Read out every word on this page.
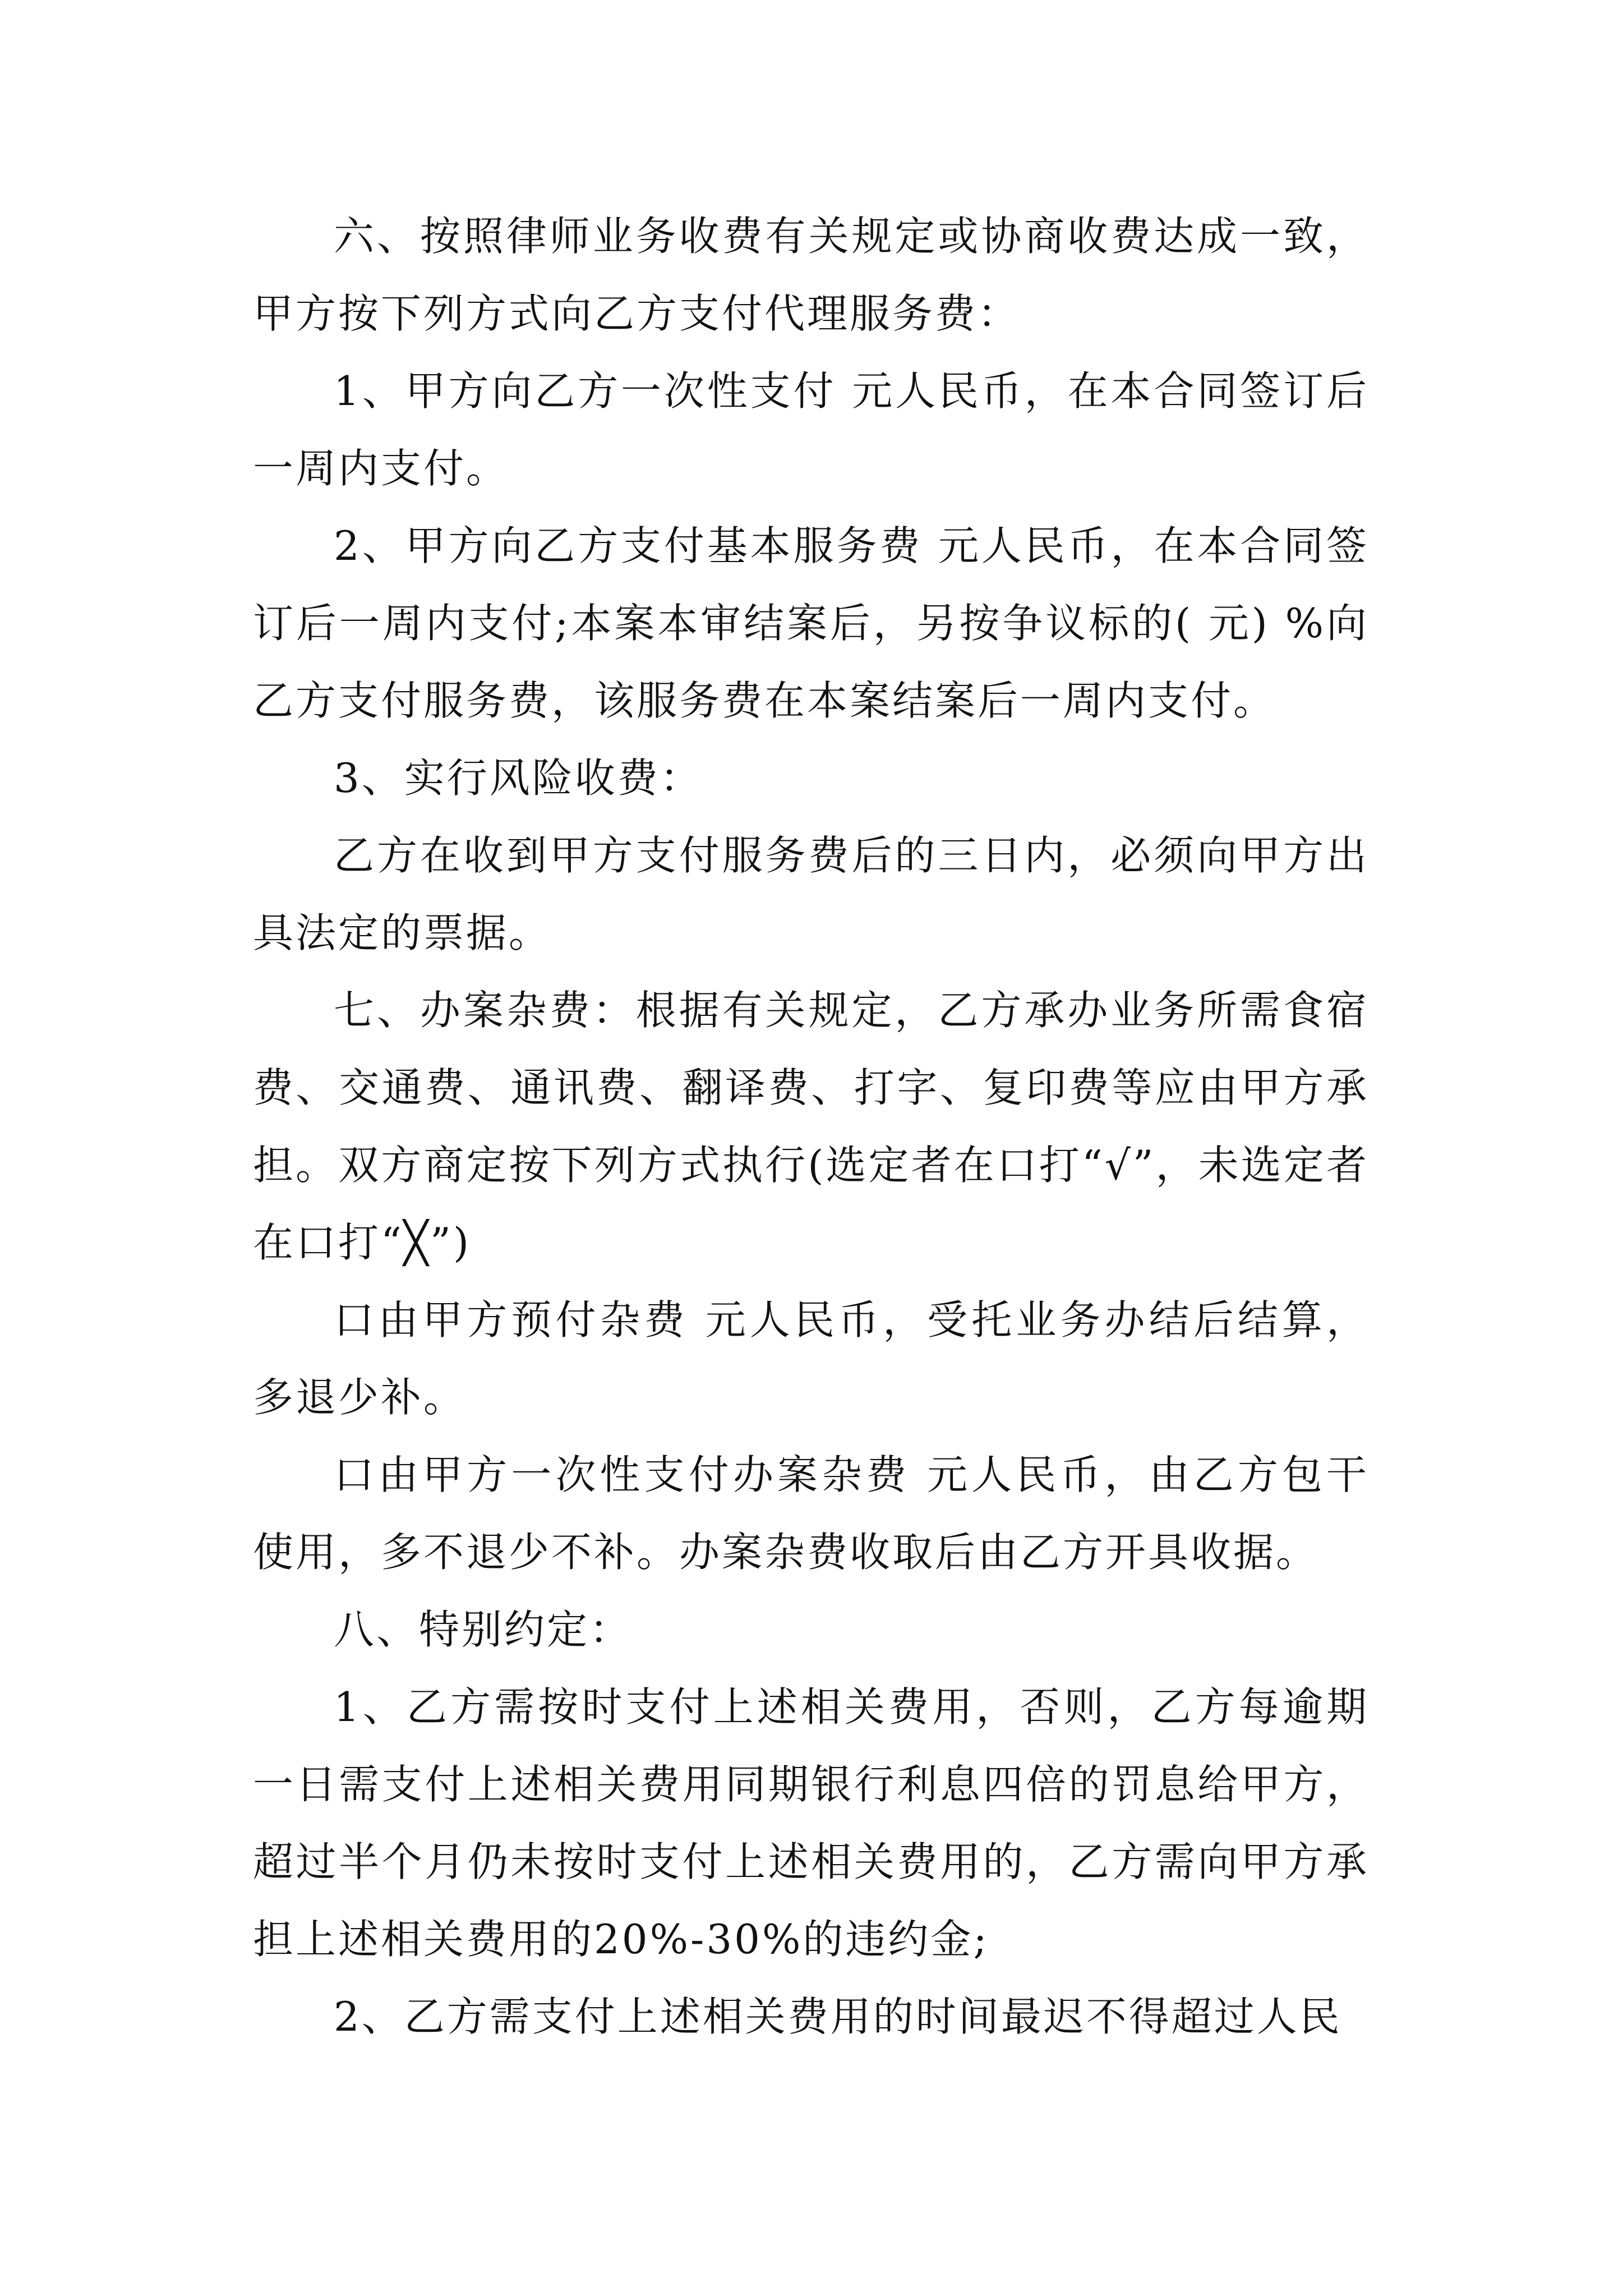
六、按照律师业务收费有关规定或协商收费达成一致，甲方按下列方式向乙方支付代理服务费：

1、甲方向乙方一次性支付 元人民币，在本合同签订后一周内支付。

2、甲方向乙方支付基本服务费 元人民币，在本合同签订后一周内支付;本案本审结案后，另按争议标的( 元) %向乙方支付服务费，该服务费在本案结案后一周内支付。

3、实行风险收费：

乙方在收到甲方支付服务费后的三日内，必须向甲方出具法定的票据。

七、办案杂费：根据有关规定，乙方承办业务所需食宿费、交通费、通讯费、翻译费、打字、复印费等应由甲方承担。双方商定按下列方式执行(选定者在口打“√”，未选定者在口打“╳”)

口由甲方预付杂费 元人民币，受托业务办结后结算，多退少补。

口由甲方一次性支付办案杂费 元人民币，由乙方包干使用，多不退少不补。办案杂费收取后由乙方开具收据。

八、特别约定：

1、乙方需按时支付上述相关费用，否则，乙方每逾期一日需支付上述相关费用同期银行利息四倍的罚息给甲方，超过半个月仍未按时支付上述相关费用的，乙方需向甲方承担上述相关费用的20%-30%的违约金;

2、乙方需支付上述相关费用的时间最迟不得超过人民
